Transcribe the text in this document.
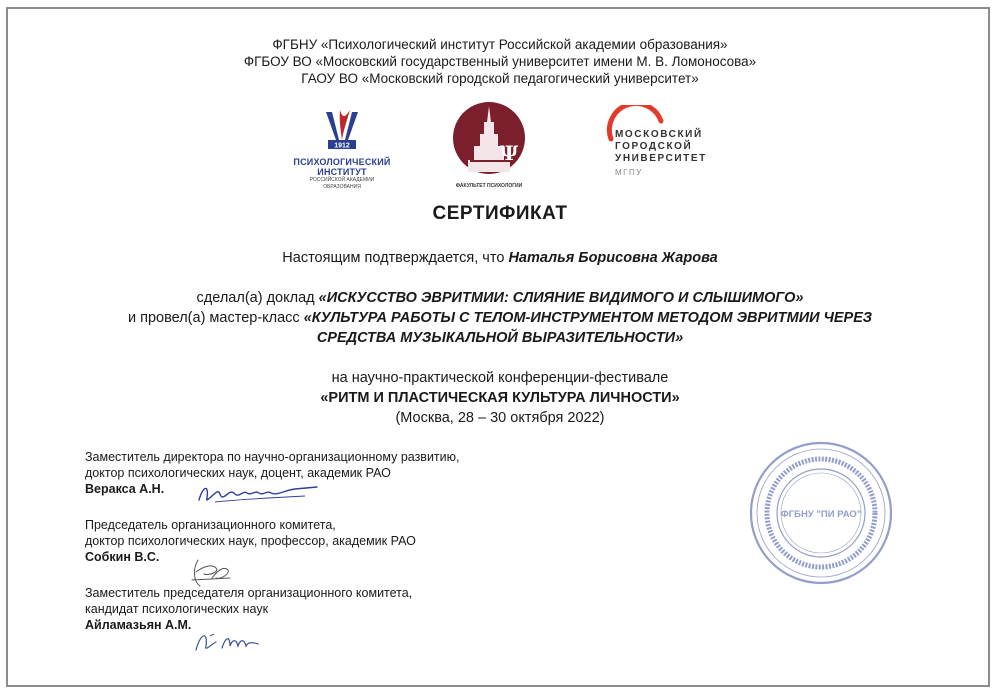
ФГБНУ «Психологический институт Российской академии образования»
ФГБОУ ВО «Московский государственный университет имени М. В. Ломоносова»
ГАОУ ВО «Московский городской педагогический университет»
1912
ПСИХОЛОГИЧЕСКИЙ
ИНСТИТУТ
РОССИЙСКОЙ АКАДЕМИИ ОБРАЗОВАНИЯ
Ψ
ФАКУЛЬТЕТ ПСИХОЛОГИИ
МОСКОВСКИЙ
ГОРОДСКОЙ
УНИВЕРСИТЕТ
МГПУ
СЕРТИФИКАТ
Настоящим подтверждается, что Наталья Борисовна Жарова
сделал(а) доклад «ИСКУССТВО ЭВРИТМИИ: СЛИЯНИЕ ВИДИМОГО И СЛЫШИМОГО»
и провел(а) мастер-класс «КУЛЬТУРА РАБОТЫ С ТЕЛОМ-ИНСТРУМЕНТОМ МЕТОДОМ ЭВРИТМИИ ЧЕРЕЗ
СРЕДСТВА МУЗЫКАЛЬНОЙ ВЫРАЗИТЕЛЬНОСТИ»
на научно-практической конференции-фестивале
«РИТМ И ПЛАСТИЧЕСКАЯ КУЛЬТУРА ЛИЧНОСТИ»
(Москва, 28 – 30 октября 2022)
Заместитель директора по научно-организационному развитию,
доктор психологических наук, доцент, академик РАО
Веракса А.Н.
Председатель организационного комитета,
доктор психологических наук, профессор, академик РАО
Собкин В.С.
Заместитель председателя организационного комитета,
кандидат психологических наук
Айламазьян А.М.
ФГБНУ "ПИ РАО"
